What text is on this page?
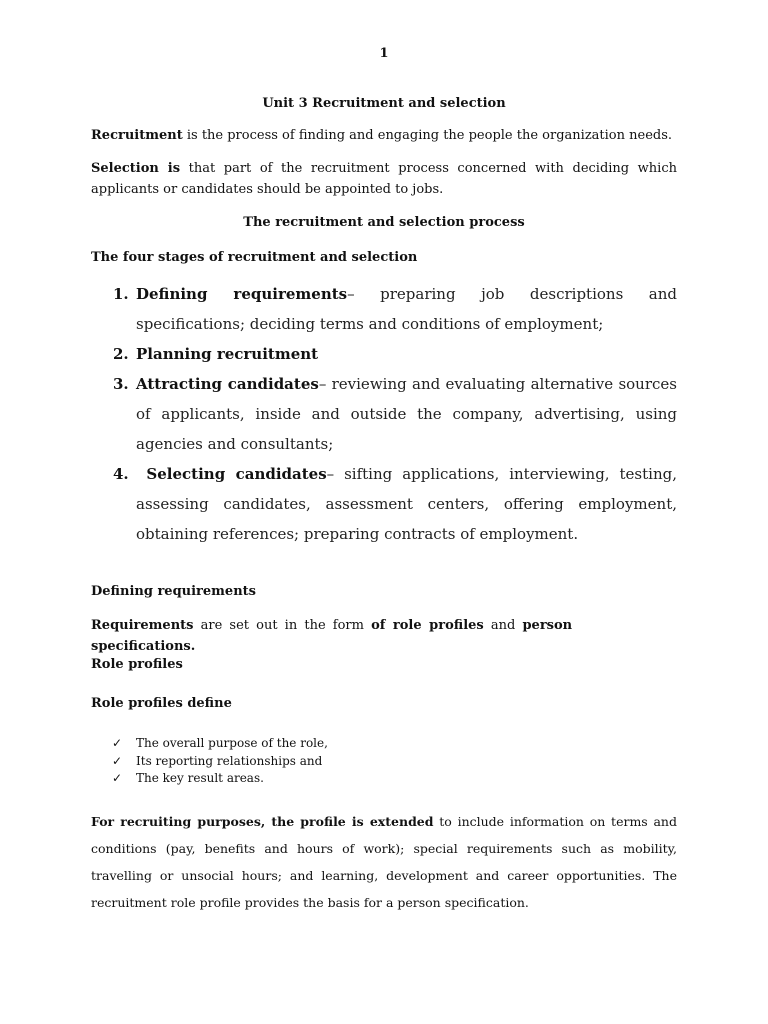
1
Unit 3 Recruitment and selection
Recruitment is the process of finding and engaging the people the organization needs.
Selection is that part of the recruitment process concerned with deciding which applicants or candidates should be appointed to jobs.
The recruitment and selection process
The four stages of recruitment and selection
1. Defining requirements– preparing job descriptions and specifications; deciding terms and conditions of employment;
2. Planning recruitment
3. Attracting candidates– reviewing and evaluating alternative sources of applicants, inside and outside the company, advertising, using agencies and consultants;
4. Selecting candidates– sifting applications, interviewing, testing, assessing candidates, assessment centers, offering employment, obtaining references; preparing contracts of employment.
Defining requirements
Requirements are set out in the form of role profiles and person specifications.
Role profiles
Role profiles define
✓ The overall purpose of the role,
✓ Its reporting relationships and
✓ The key result areas.
For recruiting purposes, the profile is extended to include information on terms and conditions (pay, benefits and hours of work); special requirements such as mobility, travelling or unsocial hours; and learning, development and career opportunities. The recruitment role profile provides the basis for a person specification.
